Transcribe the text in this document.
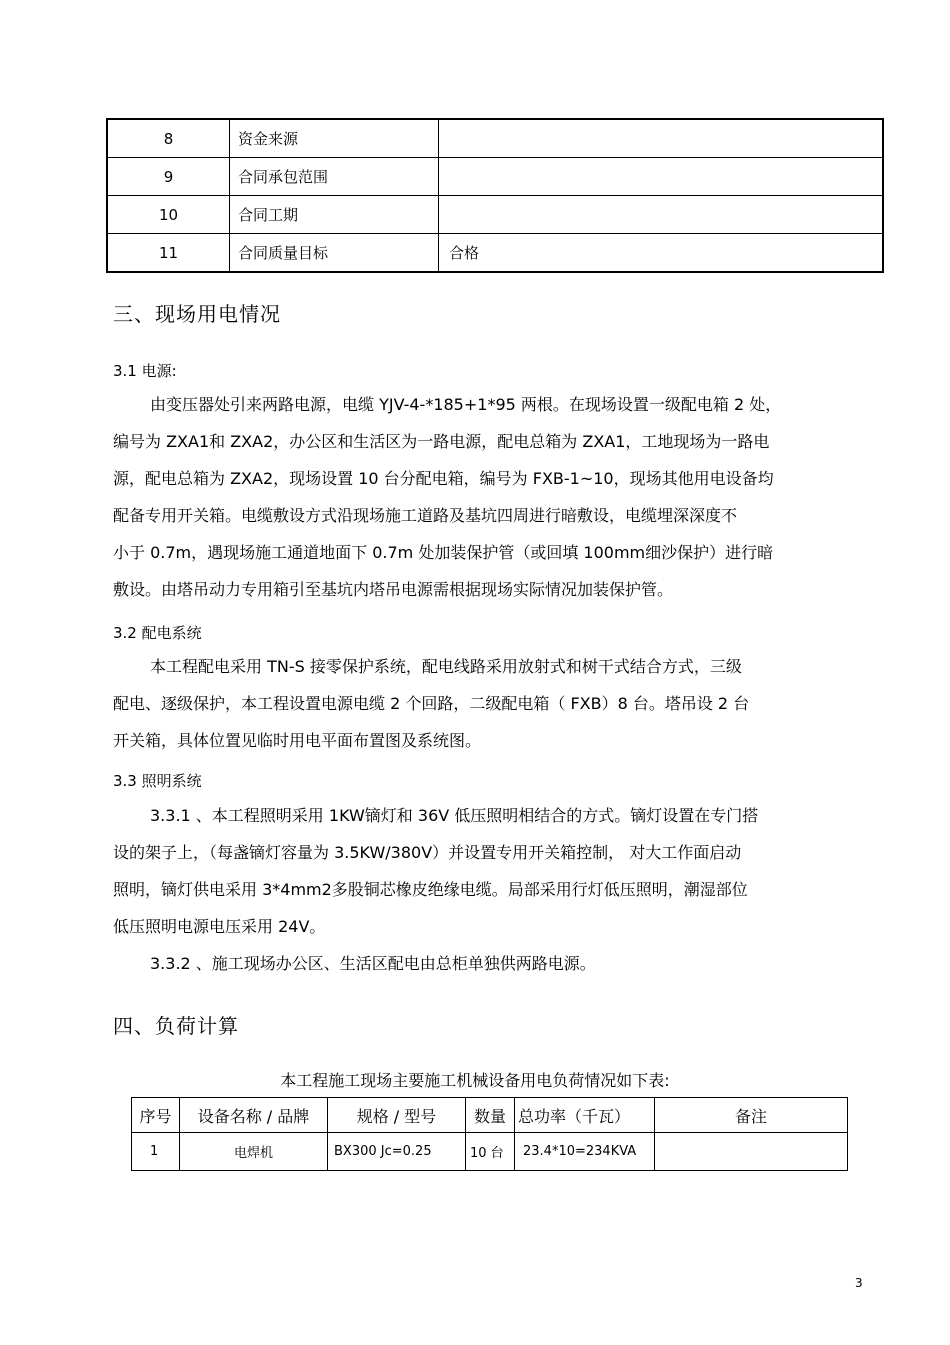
8	资金来源	
9	合同承包范围	
10	合同工期	
11	合同质量目标	合格
三、现场用电情况
3.1 电源:
由变压器处引来两路电源，电缆 YJV-4-*185+1*95 两根。在现场设置一级配电箱 2 处，
编号为 ZXA1和 ZXA2，办公区和生活区为一路电源，配电总箱为 ZXA1，工地现场为一路电
源，配电总箱为 ZXA2，现场设置 10 台分配电箱，编号为 FXB-1~10，现场其他用电设备均
配备专用开关箱。电缆敷设方式沿现场施工道路及基坑四周进行暗敷设，电缆埋深深度不
小于 0.7m，遇现场施工通道地面下 0.7m 处加装保护管（或回填 100mm细沙保护）进行暗
敷设。由塔吊动力专用箱引至基坑内塔吊电源需根据现场实际情况加装保护管。
3.2 配电系统
本工程配电采用 TN-S 接零保护系统，配电线路采用放射式和树干式结合方式，三级
配电、逐级保护，本工程设置电源电缆 2 个回路，二级配电箱（ FXB）8 台。塔吊设 2 台
开关箱，具体位置见临时用电平面布置图及系统图。
3.3 照明系统
3.3.1 、本工程照明采用 1KW镝灯和 36V 低压照明相结合的方式。镝灯设置在专门搭
设的架子上，（每盏镝灯容量为 3.5KW/380V）并设置专用开关箱控制， 对大工作面启动
照明，镝灯供电采用 3*4mm2多股铜芯橡皮绝缘电缆。局部采用行灯低压照明，潮湿部位
低压照明电源电压采用 24V。
3.3.2 、施工现场办公区、生活区配电由总柜单独供两路电源。
四、负荷计算
本工程施工现场主要施工机械设备用电负荷情况如下表:
序号	设备名称 / 品牌	规格 / 型号	数量	总功率（千瓦）	备注
1	电焊机	BX300 Jc=0.25	10 台	23.4*10=234KVA	
3
